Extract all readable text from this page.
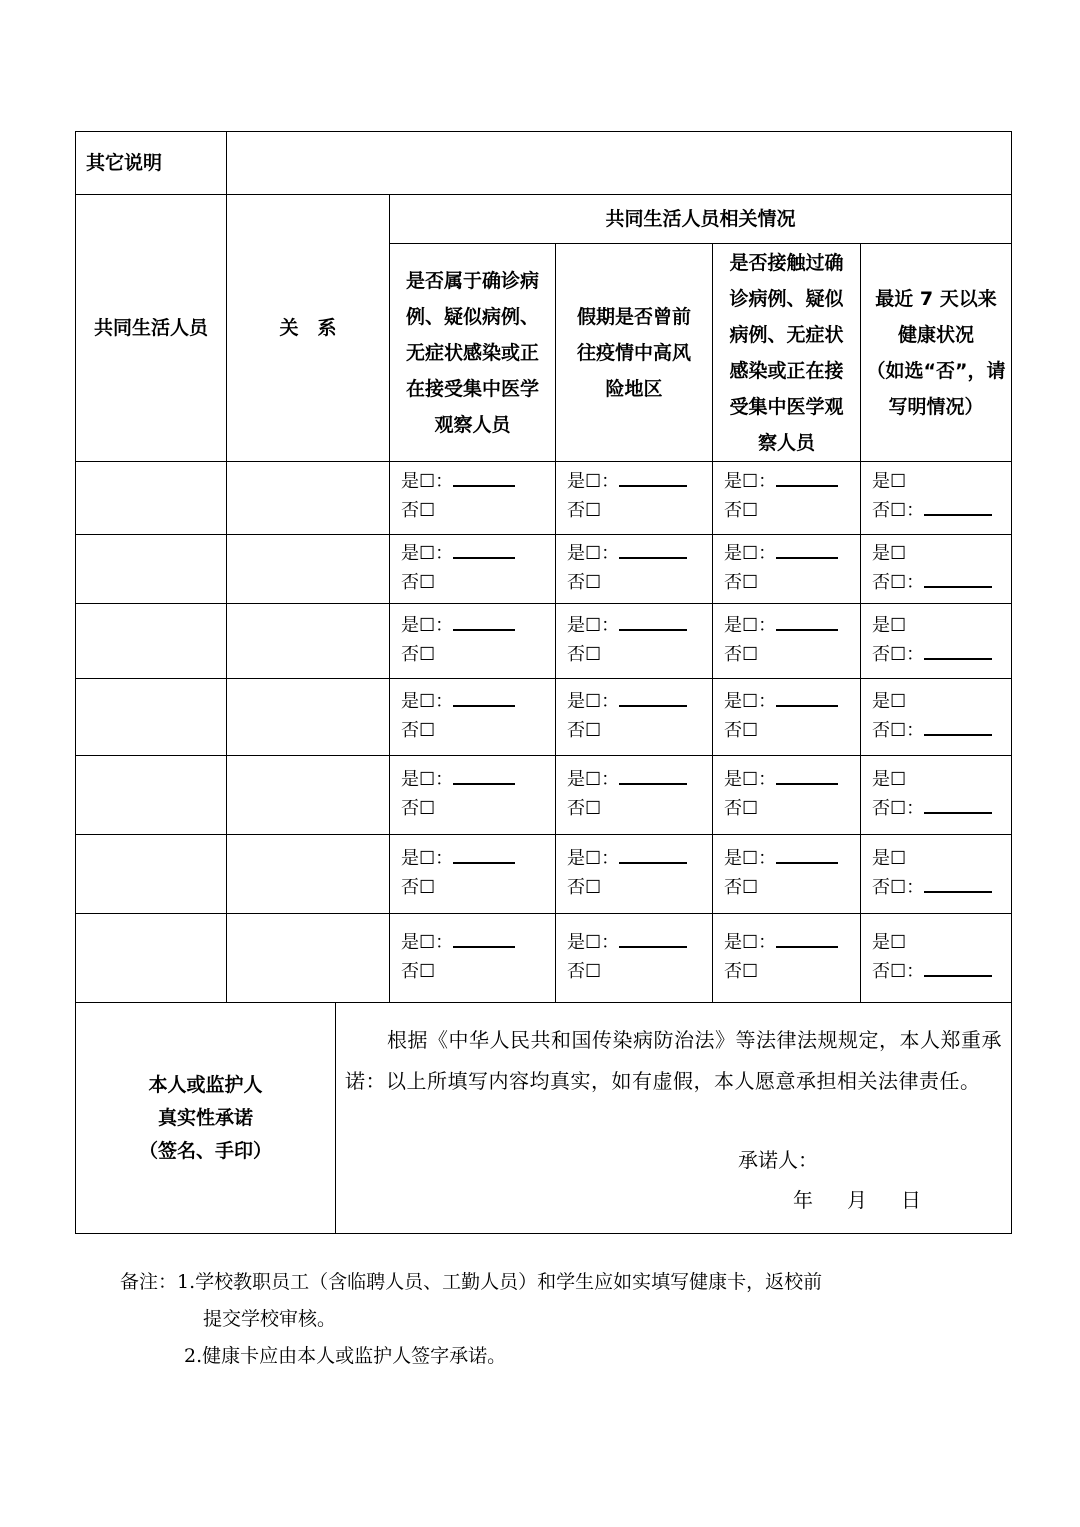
其它说明
共同生活人员	关　系
共同生活人员相关情况
是否属于确诊病
例、疑似病例、
无症状感染或正
在接受集中医学
观察人员
假期是否曾前
往疫情中高风
险地区
是否接触过确
诊病例、疑似
病例、无症状
感染或正在接
受集中医学观
察人员
最近 7 天以来
健康状况
（如选“否”，请
写明情况）
是☐：
否☐
是☐：
否☐
是☐：
否☐
是☐
否☐：
是☐：
否☐
是☐：
否☐
是☐：
否☐
是☐
否☐：
是☐：
否☐
是☐：
否☐
是☐：
否☐
是☐
否☐：
是☐：
否☐
是☐：
否☐
是☐：
否☐
是☐
否☐：
是☐：
否☐
是☐：
否☐
是☐：
否☐
是☐
否☐：
是☐：
否☐
是☐：
否☐
是☐：
否☐
是☐
否☐：
是☐：
否☐
是☐：
否☐
是☐：
否☐
是☐
否☐：
本人或监护人
真实性承诺
（签名、手印）
根据《中华人民共和国传染病防治法》等法律法规规定，本人郑重承诺：以上所填写内容均真实，如有虚假，本人愿意承担相关法律责任。
承诺人：
年 月 日
备注：1.学校教职员工（含临聘人员、工勤人员）和学生应如实填写健康卡，返校前
提交学校审核。
2.健康卡应由本人或监护人签字承诺。
